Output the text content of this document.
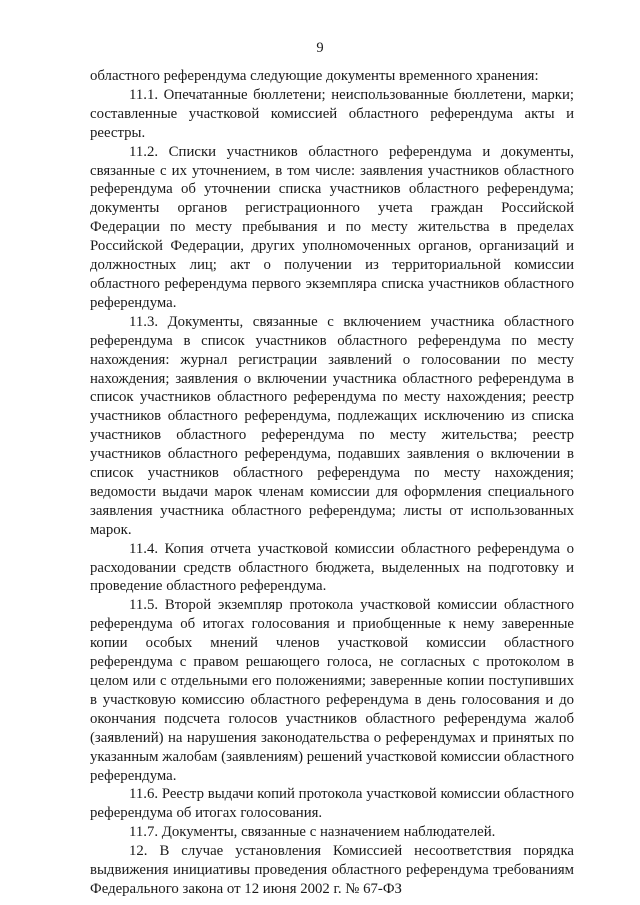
9

областного референдума следующие документы временного хранения:

11.1. Опечатанные бюллетени; неиспользованные бюллетени, марки; составленные участковой комиссией областного референдума акты и реестры.

11.2. Списки участников областного референдума и документы, связанные с их уточнением, в том числе: заявления участников областного референдума об уточнении списка участников областного референдума; документы органов регистрационного учета граждан Российской Федерации по месту пребывания и по месту жительства в пределах Российской Федерации, других уполномоченных органов, организаций и должностных лиц; акт о получении из территориальной комиссии областного референдума первого экземпляра списка участников областного референдума.

11.3. Документы, связанные с включением участника областного референдума в список участников областного референдума по месту нахождения: журнал регистрации заявлений о голосовании по месту нахождения; заявления о включении участника областного референдума в список участников областного референдума по месту нахождения; реестр участников областного референдума, подлежащих исключению из списка участников областного референдума по месту жительства; реестр участников областного референдума, подавших заявления о включении в список участников областного референдума по месту нахождения; ведомости выдачи марок членам комиссии для оформления специального заявления участника областного референдума; листы от использованных марок.

11.4. Копия отчета участковой комиссии областного референдума о расходовании средств областного бюджета, выделенных на подготовку и проведение областного референдума.

11.5. Второй экземпляр протокола участковой комиссии областного референдума об итогах голосования и приобщенные к нему заверенные копии особых мнений членов участковой комиссии областного референдума с правом решающего голоса, не согласных с протоколом в целом или с отдельными его положениями; заверенные копии поступивших в участковую комиссию областного референдума в день голосования и до окончания подсчета голосов участников областного референдума жалоб (заявлений) на нарушения законодательства о референдумах и принятых по указанным жалобам (заявлениям) решений участковой комиссии областного референдума.

11.6. Реестр выдачи копий протокола участковой комиссии областного референдума об итогах голосования.

11.7. Документы, связанные с назначением наблюдателей.

12. В случае установления Комиссией несоответствия порядка выдвижения инициативы проведения областного референдума требованиям Федерального закона от 12 июня 2002 г. № 67-ФЗ
